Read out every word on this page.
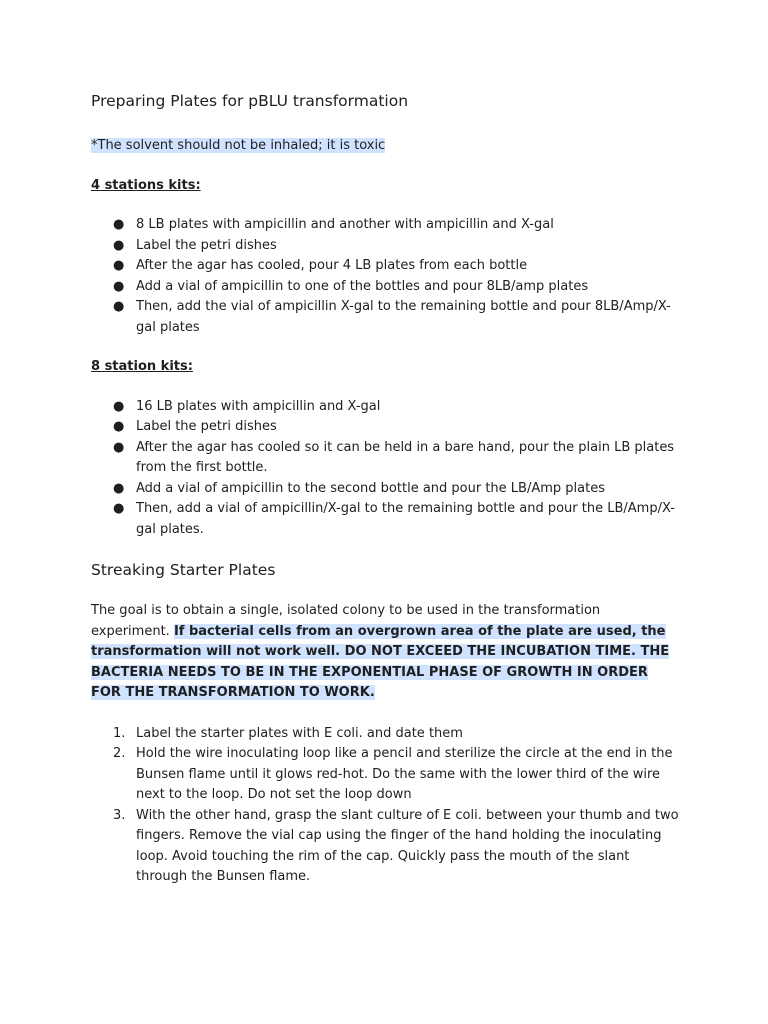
Preparing Plates for pBLU transformation

*The solvent should not be inhaled; it is toxic

4 stations kits:

● 8 LB plates with ampicillin and another with ampicillin and X-gal
● Label the petri dishes
● After the agar has cooled, pour 4 LB plates from each bottle
● Add a vial of ampicillin to one of the bottles and pour 8LB/amp plates
● Then, add the vial of ampicillin X-gal to the remaining bottle and pour 8LB/Amp/X-gal plates

8 station kits:

● 16 LB plates with ampicillin and X-gal
● Label the petri dishes
● After the agar has cooled so it can be held in a bare hand, pour the plain LB plates from the first bottle.
● Add a vial of ampicillin to the second bottle and pour the LB/Amp plates
● Then, add a vial of ampicillin/X-gal to the remaining bottle and pour the LB/Amp/X-gal plates.
Streaking Starter Plates

The goal is to obtain a single, isolated colony to be used in the transformation experiment. If bacterial cells from an overgrown area of the plate are used, the transformation will not work well. DO NOT EXCEED THE INCUBATION TIME. THE BACTERIA NEEDS TO BE IN THE EXPONENTIAL PHASE OF GROWTH IN ORDER FOR THE TRANSFORMATION TO WORK.

1. Label the starter plates with E coli. and date them
2. Hold the wire inoculating loop like a pencil and sterilize the circle at the end in the Bunsen flame until it glows red-hot. Do the same with the lower third of the wire next to the loop. Do not set the loop down
3. With the other hand, grasp the slant culture of E coli. between your thumb and two fingers. Remove the vial cap using the finger of the hand holding the inoculating loop. Avoid touching the rim of the cap. Quickly pass the mouth of the slant through the Bunsen flame.
